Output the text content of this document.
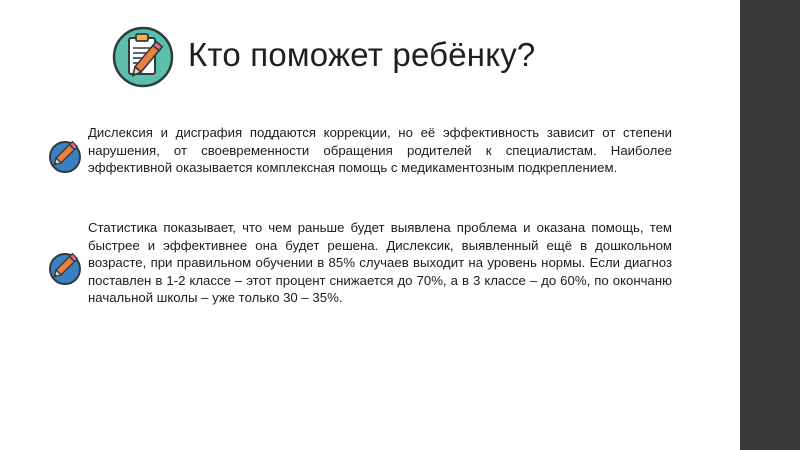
Кто поможет ребёнку?

Дислексия и дисграфия поддаются коррекции, но её эффективность зависит от степени нарушения, от своевременности обращения родителей к специалистам. Наиболее эффективной оказывается комплексная помощь с медикаментозным подкреплением.

Статистика показывает, что чем раньше будет выявлена проблема и оказана помощь, тем быстрее и эффективнее она будет решена. Дислексик, выявленный ещё в дошкольном возрасте, при правильном обучении в 85% случаев выходит на уровень нормы. Если диагноз поставлен в 1-2 классе – этот процент снижается до 70%, а в 3 классе – до 60%, по окончаню начальной школы – уже только 30 – 35%.
